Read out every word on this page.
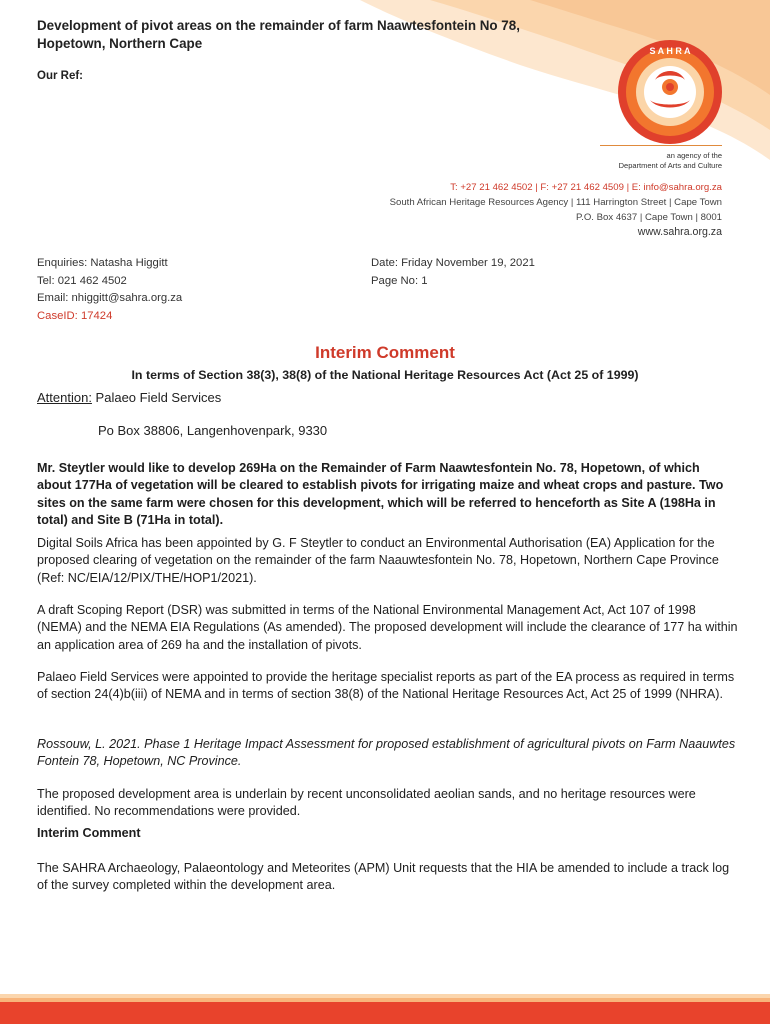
Development of pivot areas on the remainder of farm Naawtesfontein No 78,
Hopetown, Northern Cape
Our Ref:
S A H R A
an agency of the
Department of Arts and Culture
T: +27 21 462 4502 | F: +27 21 462 4509 | E: info@sahra.org.za
South African Heritage Resources Agency | 111 Harrington Street | Cape Town
P.O. Box 4637 | Cape Town | 8001
www.sahra.org.za
Enquiries: Natasha Higgitt
Tel: 021 462 4502
Email: nhiggitt@sahra.org.za
CaseID: 17424
Date: Friday November 19, 2021
Page No: 1
Interim Comment
In terms of Section 38(3), 38(8) of the National Heritage Resources Act (Act 25 of 1999)
Attention: Palaeo Field Services
Po Box 38806, Langenhovenpark, 9330
Mr. Steytler would like to develop 269Ha on the Remainder of Farm Naawtesfontein No. 78, Hopetown, of which about 177Ha of vegetation will be cleared to establish pivots for irrigating maize and wheat crops and pasture. Two sites on the same farm were chosen for this development, which will be referred to henceforth as Site A (198Ha in total) and Site B (71Ha in total).
Digital Soils Africa has been appointed by G. F Steytler to conduct an Environmental Authorisation (EA) Application for the proposed clearing of vegetation on the remainder of the farm Naauwtesfontein No. 78, Hopetown, Northern Cape Province (Ref: NC/EIA/12/PIX/THE/HOP1/2021).
A draft Scoping Report (DSR) was submitted in terms of the National Environmental Management Act, Act 107 of 1998 (NEMA) and the NEMA EIA Regulations (As amended). The proposed development will include the clearance of 177 ha within an application area of 269 ha and the installation of pivots.
Palaeo Field Services were appointed to provide the heritage specialist reports as part of the EA process as required in terms of section 24(4)b(iii) of NEMA and in terms of section 38(8) of the National Heritage Resources Act, Act 25 of 1999 (NHRA).
Rossouw, L. 2021. Phase 1 Heritage Impact Assessment for proposed establishment of agricultural pivots on Farm Naauwtes Fontein 78, Hopetown, NC Province.
The proposed development area is underlain by recent unconsolidated aeolian sands, and no heritage resources were identified. No recommendations were provided.
Interim Comment
The SAHRA Archaeology, Palaeontology and Meteorites (APM) Unit requests that the HIA be amended to include a track log of the survey completed within the development area.
